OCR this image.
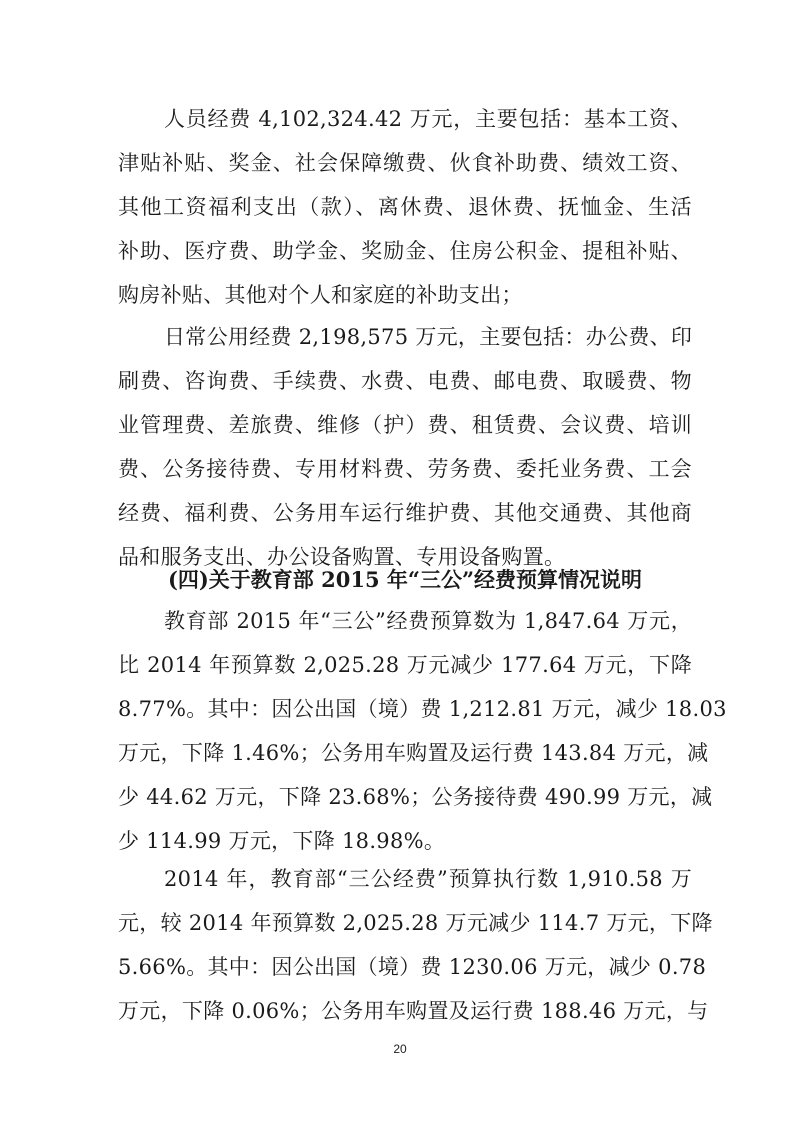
人员经费 4,102,324.42 万元，主要包括：基本工资、
津贴补贴、奖金、社会保障缴费、伙食补助费、绩效工资、
其他工资福利支出（款）、离休费、退休费、抚恤金、生活
补助、医疗费、助学金、奖励金、住房公积金、提租补贴、
购房补贴、其他对个人和家庭的补助支出；
日常公用经费 2,198,575 万元，主要包括：办公费、印
刷费、咨询费、手续费、水费、电费、邮电费、取暖费、物
业管理费、差旅费、维修（护）费、租赁费、会议费、培训
费、公务接待费、专用材料费、劳务费、委托业务费、工会
经费、福利费、公务用车运行维护费、其他交通费、其他商
品和服务支出、办公设备购置、专用设备购置。
(四)关于教育部 2015 年“三公”经费预算情况说明
教育部 2015 年“三公”经费预算数为 1,847.64 万元，
比 2014 年预算数 2,025.28 万元减少 177.64 万元，下降
8.77%。其中：因公出国（境）费 1,212.81 万元，减少 18.03
万元，下降 1.46%；公务用车购置及运行费 143.84 万元，减
少 44.62 万元，下降 23.68%；公务接待费 490.99 万元，减
少 114.99 万元，下降 18.98%。
2014 年，教育部“三公经费”预算执行数 1,910.58 万
元，较 2014 年预算数 2,025.28 万元减少 114.7 万元，下降
5.66%。其中：因公出国（境）费 1230.06 万元，减少 0.78
万元，下降 0.06%；公务用车购置及运行费 188.46 万元，与
20
